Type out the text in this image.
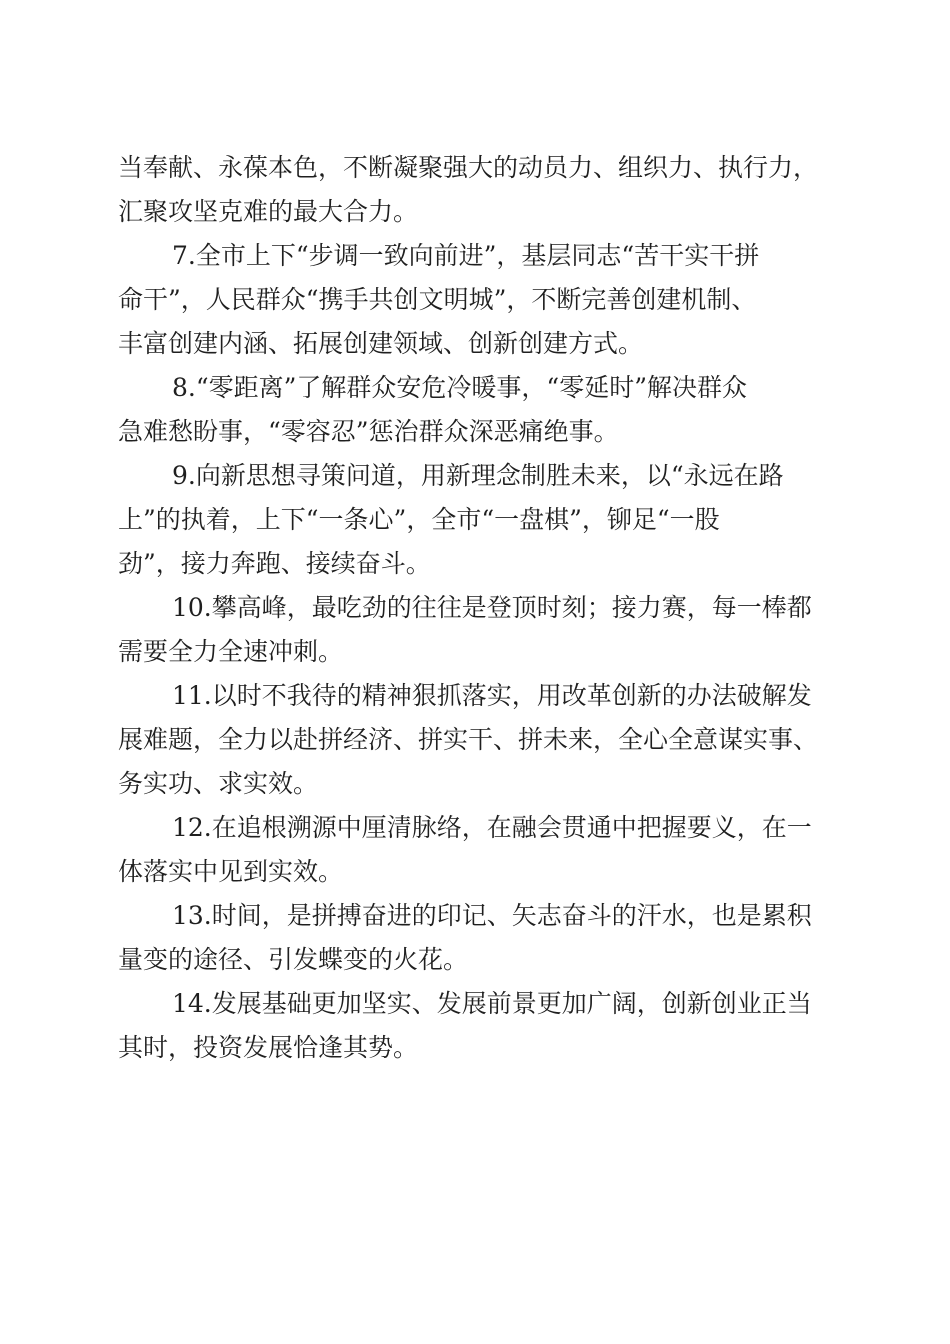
当奉献、永葆本色，不断凝聚强大的动员力、组织力、执行力，
汇聚攻坚克难的最大合力。
7.全市上下“步调一致向前进”，基层同志“苦干实干拼
命干”，人民群众“携手共创文明城”，不断完善创建机制、
丰富创建内涵、拓展创建领域、创新创建方式。
8.“零距离”了解群众安危冷暖事，“零延时”解决群众
急难愁盼事，“零容忍”惩治群众深恶痛绝事。
9.向新思想寻策问道，用新理念制胜未来，以“永远在路
上”的执着，上下“一条心”，全市“一盘棋”，铆足“一股
劲”，接力奔跑、接续奋斗。
10.攀高峰，最吃劲的往往是登顶时刻；接力赛，每一棒都
需要全力全速冲刺。
11.以时不我待的精神狠抓落实，用改革创新的办法破解发
展难题，全力以赴拼经济、拼实干、拼未来，全心全意谋实事、
务实功、求实效。
12.在追根溯源中厘清脉络，在融会贯通中把握要义，在一
体落实中见到实效。
13.时间，是拼搏奋进的印记、矢志奋斗的汗水，也是累积
量变的途径、引发蝶变的火花。
14.发展基础更加坚实、发展前景更加广阔，创新创业正当
其时，投资发展恰逢其势。
